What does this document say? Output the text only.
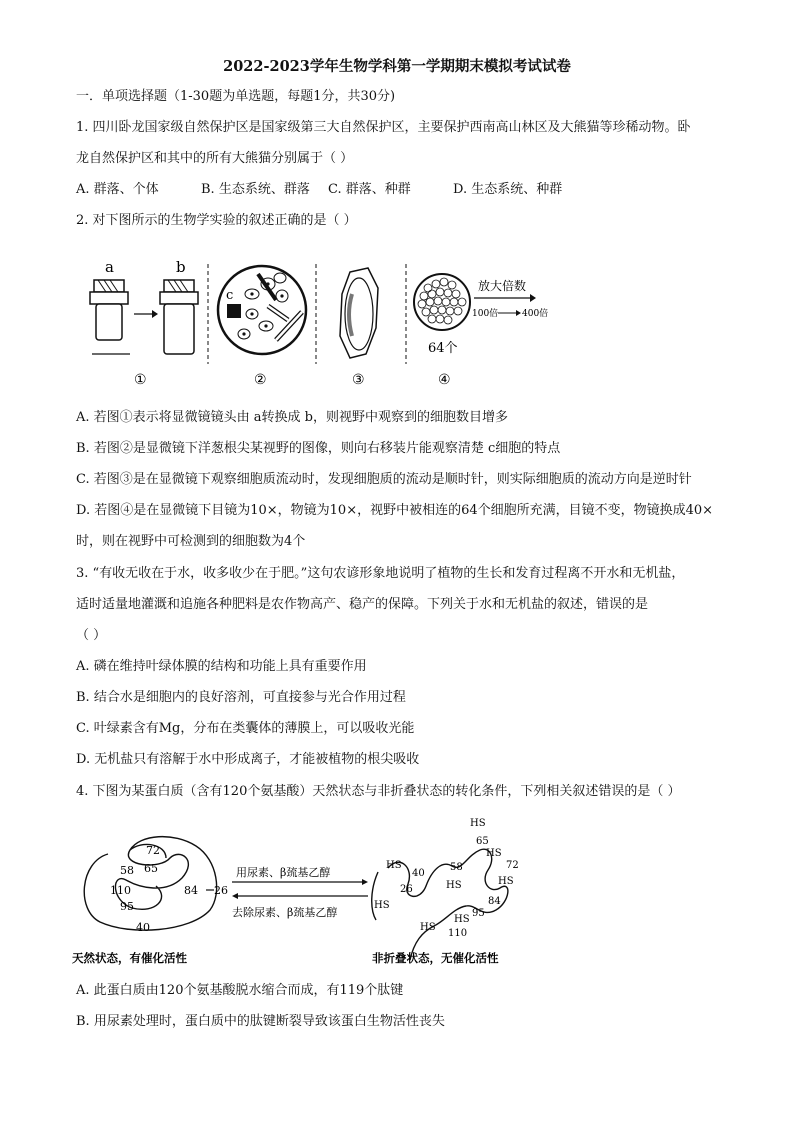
2022-2023学年生物学科第一学期期末模拟考试试卷
一．单项选择题（1-30题为单选题，每题1分，共30分)
1. 四川卧龙国家级自然保护区是国家级第三大自然保护区，主要保护西南高山林区及大熊猫等珍稀动物。卧
龙自然保护区和其中的所有大熊猫分别属于（ ）
A. 群落、个体	B. 生态系统、群落 C. 群落、种群	D. 生态系统、种群
2. 对下图所示的生物学实验的叙述正确的是（ ）
a	b
①
c
②	③
放大倍数
100倍	400倍
64个
④
A. 若图①表示将显微镜镜头由 a转换成 b，则视野中观察到的细胞数目增多
B. 若图②是显微镜下洋葱根尖某视野的图像，则向右移装片能观察清楚 c细胞的特点
C. 若图③是在显微镜下观察细胞质流动时，发现细胞质的流动是顺时针，则实际细胞质的流动方向是逆时针
D. 若图④是在显微镜下目镜为10×，物镜为10×，视野中被相连的64个细胞所充满，目镜不变，物镜换成40×
时，则在视野中可检测到的细胞数为4个
3. “有收无收在于水，收多收少在于肥。”这句农谚形象地说明了植物的生长和发育过程离不开水和无机盐，
适时适量地灌溉和追施各种肥料是农作物高产、稳产的保障。下列关于水和无机盐的叙述，错误的是
（ ）
A. 磷在维持叶绿体膜的结构和功能上具有重要作用
B. 结合水是细胞内的良好溶剂，可直接参与光合作用过程
C. 叶绿素含有Mg，分布在类囊体的薄膜上，可以吸收光能
D. 无机盐只有溶解于水中形成离子，才能被植物的根尖吸收
4. 下图为某蛋白质（含有120个氨基酸）天然状态与非折叠状态的转化条件，下列相关叙述错误的是（ ）
72
65
58
110	84
95
40
26
用尿素、β巯基乙醇
去除尿素、β巯基乙醇
HS
65
HS
72
HS
84
58
HS
40
HS
26
HS
95
HS
110
HS
天然状态，有催化活性	非折叠状态，无催化活性
A. 此蛋白质由120个氨基酸脱水缩合而成，有119个肽键
B. 用尿素处理时，蛋白质中的肽键断裂导致该蛋白生物活性丧失
